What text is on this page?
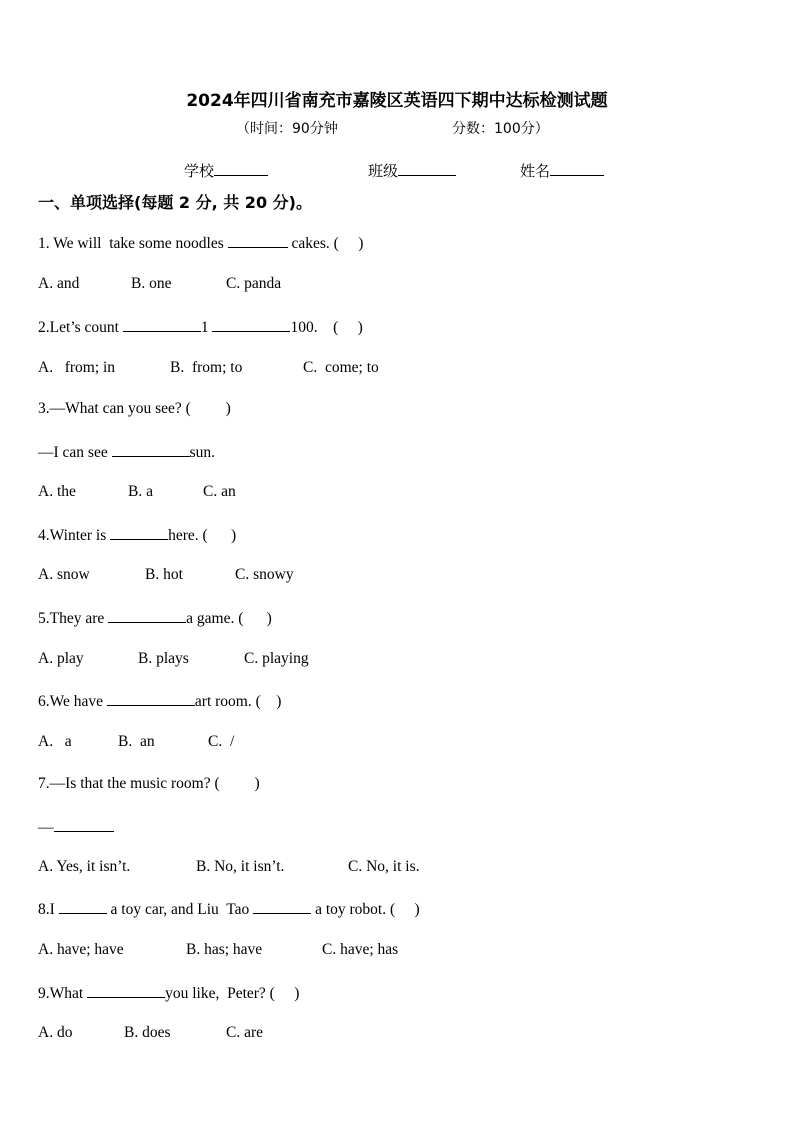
2024年四川省南充市嘉陵区英语四下期中达标检测试题
（时间：90分钟	分数：100分）
学校	班级	姓名
一、单项选择(每题 2 分, 共 20 分)。
1. We will  take some noodles	cakes. (     )
A. and	B. one	C. panda
2.Let’s count	1	100.    (     )
A.   from; in	B.  from; to	C.  come; to
3.—What can you see? (         )
—I can see	sun.
A. the	B. a	C. an
4.Winter is	here. (      )
A. snow	B. hot	C. snowy
5.They are	a game. (      )
A. play	B. plays	C. playing
6.We have	art room. (    )
A.   a	B.  an	C.  /
7.—Is that the music room? (         )
—
A. Yes, it isn’t.	B. No, it isn’t.	C. No, it is.
8.I	a toy car, and Liu  Tao	a toy robot. (     )
A. have; have	B. has; have	C. have; has
9.What	you like,  Peter? (     )
A. do	B. does	C. are
